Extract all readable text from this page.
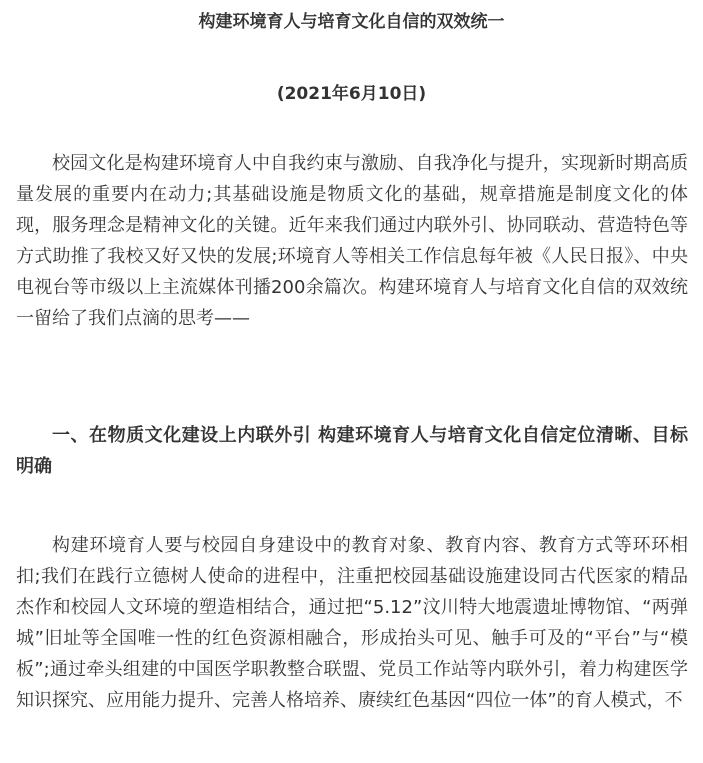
构建环境育人与培育文化自信的双效统一
(2021年6月10日)

校园文化是构建环境育人中自我约束与激励、自我净化与提升，实现新时期高质量发展的重要内在动力;其基础设施是物质文化的基础，规章措施是制度文化的体现，服务理念是精神文化的关键。近年来我们通过内联外引、协同联动、营造特色等方式助推了我校又好又快的发展;环境育人等相关工作信息每年被《人民日报》、中央电视台等市级以上主流媒体刊播200余篇次。构建环境育人与培育文化自信的双效统一留给了我们点滴的思考——

一、在物质文化建设上内联外引 构建环境育人与培育文化自信定位清晰、目标明确

构建环境育人要与校园自身建设中的教育对象、教育内容、教育方式等环环相扣;我们在践行立德树人使命的进程中，注重把校园基础设施建设同古代医家的精品杰作和校园人文环境的塑造相结合，通过把“5.12”汶川特大地震遗址博物馆、“两弹城”旧址等全国唯一性的红色资源相融合，形成抬头可见、触手可及的“平台”与“模板”;通过牵头组建的中国医学职教整合联盟、党员工作站等内联外引，着力构建医学知识探究、应用能力提升、完善人格培养、赓续红色基因“四位一体”的育人模式，不
